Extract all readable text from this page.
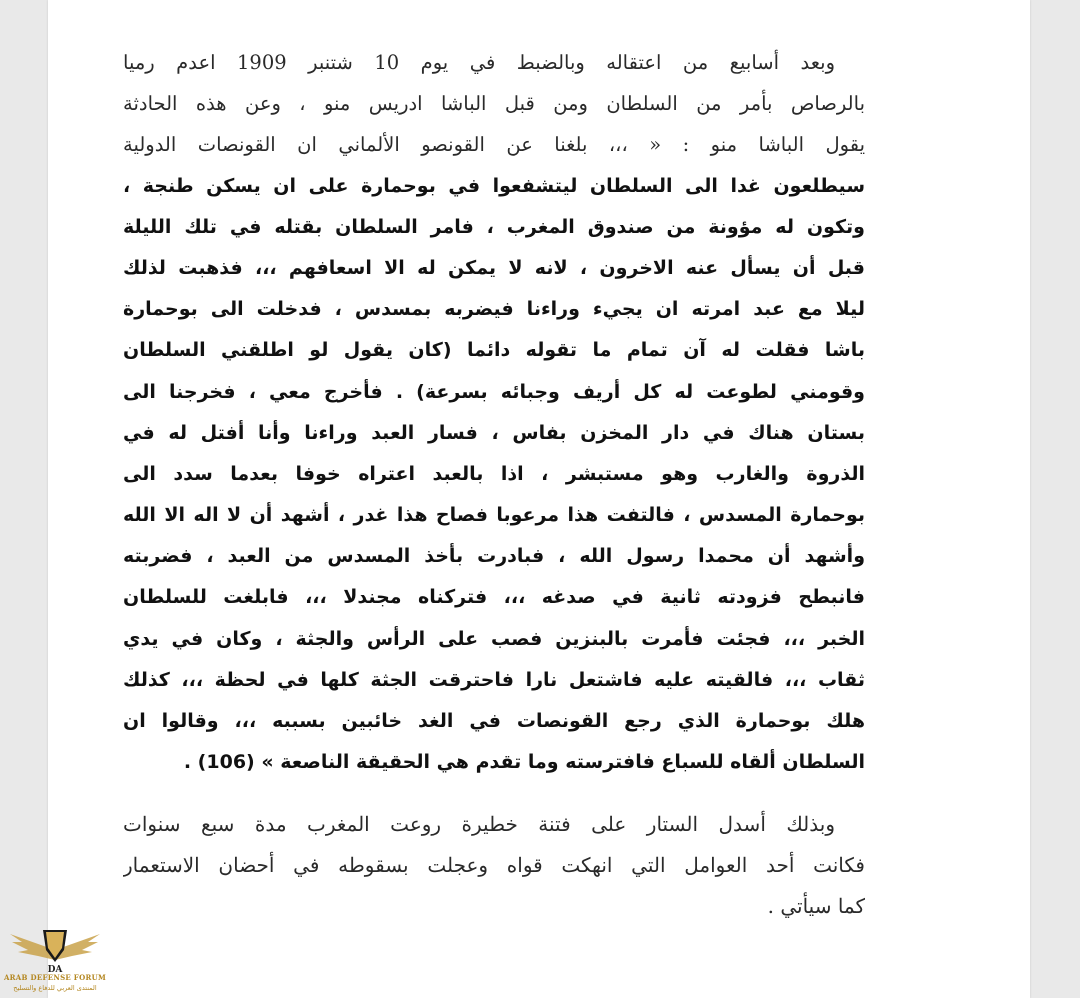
وبعد أسابيع من اعتقاله وبالضبط في يوم 10 شتنبر 1909 اعدم رميا
بالرصاص بأمر من السلطان ومن قبل الباشا ادريس منو ، وعن هذه الحادثة
يقول الباشا منو : « ،،، بلغنا عن القونصو الألماني ان القونصات الدولية
سيطلعون غدا الى السلطان ليتشفعوا في بوحمارة على ان يسكن طنجة ،
وتكون له مؤونة من صندوق المغرب ، فامر السلطان بقتله في تلك الليلة
قبل أن يسأل عنه الاخرون ، لانه لا يمكن له الا اسعافهم ،،، فذهبت لذلك
ليلا مع عبد امرته ان يجيء وراءنا فيضربه بمسدس ، فدخلت الى بوحمارة
باشا فقلت له آن تمام ما تقوله دائما (كان يقول لو اطلقني السلطان
وقومني لطوعت له كل أريف وجبائه بسرعة) . فأخرج معي ، فخرجنا الى
بستان هناك في دار المخزن بفاس ، فسار العبد وراءنا وأنا أفتل له في
الذروة والغارب وهو مستبشر ، اذا بالعبد اعتراه خوفا بعدما سدد الى
بوحمارة المسدس ، فالتفت هذا مرعوبا فصاح هذا غدر ، أشهد أن لا اله الا الله
وأشهد أن محمدا رسول الله ، فبادرت بأخذ المسدس من العبد ، فضربته
فانبطح فزودته ثانية في صدغه ،،، فتركناه مجندلا ،،، فابلغت للسلطان
الخبر ،،، فجئت فأمرت بالبنزين فصب على الرأس والجثة ، وكان في يدي
ثقاب ،،، فالقيته عليه فاشتعل نارا فاحترقت الجثة كلها في لحظة ،،، كذلك
هلك بوحمارة الذي رجع القونصات في الغد خائبين بسببه ،،، وقالوا ان
السلطان ألقاه للسباع فافترسته وما تقدم هي الحقيقة الناصعة » (106) .
وبذلك أسدل الستار على فتنة خطيرة روعت المغرب مدة سبع سنوات
فكانت أحد العوامل التي انهكت قواه وعجلت بسقوطه في أحضان الاستعمار
كما سيأتي .
DA
ARAB DEFENSE FORUM
المنتدى العربي للدفاع والتسليح
